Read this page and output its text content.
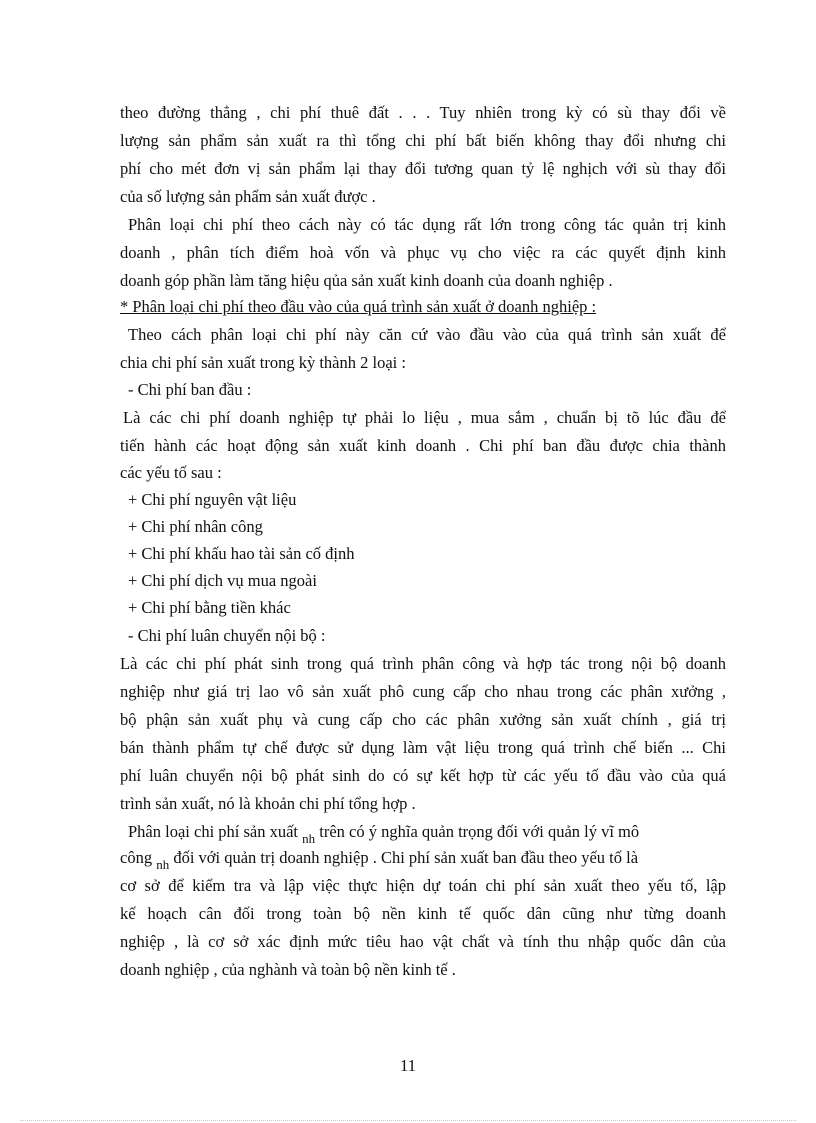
theo đường thẳng , chi phí thuê đất . . . Tuy nhiên trong kỳ có sù thay đổi về
lượng sản phẩm sản xuất ra thì tổng chi phí bất biến không thay đổi nhưng chi
phí cho mét đơn vị sản phẩm lại thay đổi tương quan tỷ lệ nghịch với sù thay đổi
của số lượng sản phẩm sản xuất được .
Phân loại chi phí theo cách này có tác dụng rất lớn trong công tác quản trị kinh
doanh , phân tích điểm hoà vốn và phục vụ cho việc ra các quyết định kinh
doanh góp phần làm tăng hiệu qủa sản xuất kinh doanh của doanh nghiệp .
* Phân loại chi phí theo đầu vào của quá trình sản xuất ở doanh nghiệp :
Theo cách phân loại chi phí này căn cứ vào đầu vào của quá trình sản xuất để
chia chi phí sản xuất trong kỳ thành 2 loại :
- Chi phí ban đầu :
Là các chi phí doanh nghiệp tự phải lo liệu , mua sắm , chuẩn bị tõ lúc đầu để
tiến hành các hoạt động sản xuất kinh doanh . Chi phí ban đầu được chia thành
các yếu tố sau :
+ Chi phí nguyên vật liệu
+ Chi phí nhân công
+ Chi phí khấu hao tài sản cố định
+ Chi phí dịch vụ mua ngoài
+ Chi phí bằng tiền khác
- Chi phí luân chuyển nội bộ :
Là các chi phí phát sinh trong quá trình phân công và hợp tác trong nội bộ doanh
nghiệp như giá trị lao vô sản xuất phô cung cấp cho nhau trong các phân xưởng ,
bộ phận sản xuất phụ và cung cấp cho các phân xưởng sản xuất chính , giá trị
bán thành phẩm tự chế được sử dụng làm vật liệu trong quá trình chế biến ... Chi
phí luân chuyển nội bộ phát sinh do có sự kết hợp từ các yếu tố đầu vào của quá
trình sản xuất, nó là khoản chi phí tổng hợp .
Phân loại chi phí sản xuất $_{nh}$ trên có ý nghĩa quản trọng đối với quản lý vĩ mô
công $_{nh}$ đối với quản trị doanh nghiệp . Chi phí sản xuất ban đầu theo yếu tố là
cơ sở để kiểm tra và lập việc thực hiện dự toán chi phí sản xuất theo yếu tố, lập
kế hoạch cân đối trong toàn bộ nền kinh tế quốc dân cũng như từng doanh
nghiệp , là cơ sở xác định mức tiêu hao vật chất và tính thu nhập quốc dân của
doanh nghiệp , của nghành và toàn bộ nền kinh tế .
11
